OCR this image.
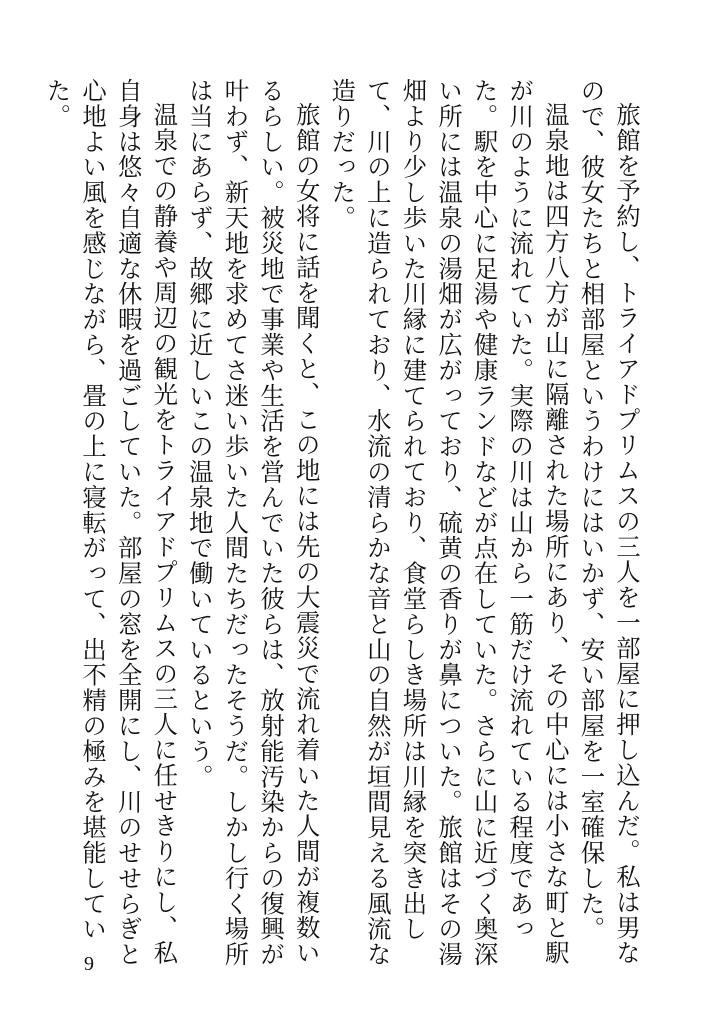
旅館を予約し、トライアドプリムスの三人を一部屋に押し込んだ。私は男なので、彼女たちと相部屋というわけにはいかず、安い部屋を一室確保した。

温泉地は四方八方が山に隔離された場所にあり、その中心には小さな町と駅が川のように流れていた。実際の川は山から一筋だけ流れている程度であった。駅を中心に足湯や健康ランドなどが点在していた。さらに山に近づく奥深い所には温泉の湯畑が広がっており、硫黄の香りが鼻についた。旅館はその湯畑より少し歩いた川縁に建てられており、食堂らしき場所は川縁を突き出して、川の上に造られており、水流の清らかな音と山の自然が垣間見える風流な造りだった。

旅館の女将に話を聞くと、この地には先の大震災で流れ着いた人間が複数いるらしい。被災地で事業や生活を営んでいた彼らは、放射能汚染からの復興が叶わず、新天地を求めてさ迷い歩いた人間たちだったそうだ。しかし行く場所は当にあらず、故郷に近しいこの温泉地で働いているという。

温泉での静養や周辺の観光をトライアドプリムスの三人に任せきりにし、私自身は悠々自適な休暇を過ごしていた。部屋の窓を全開にし、川のせせらぎと心地よい風を感じながら、畳の上に寝転がって、出不精の極みを堪能していた。

9
